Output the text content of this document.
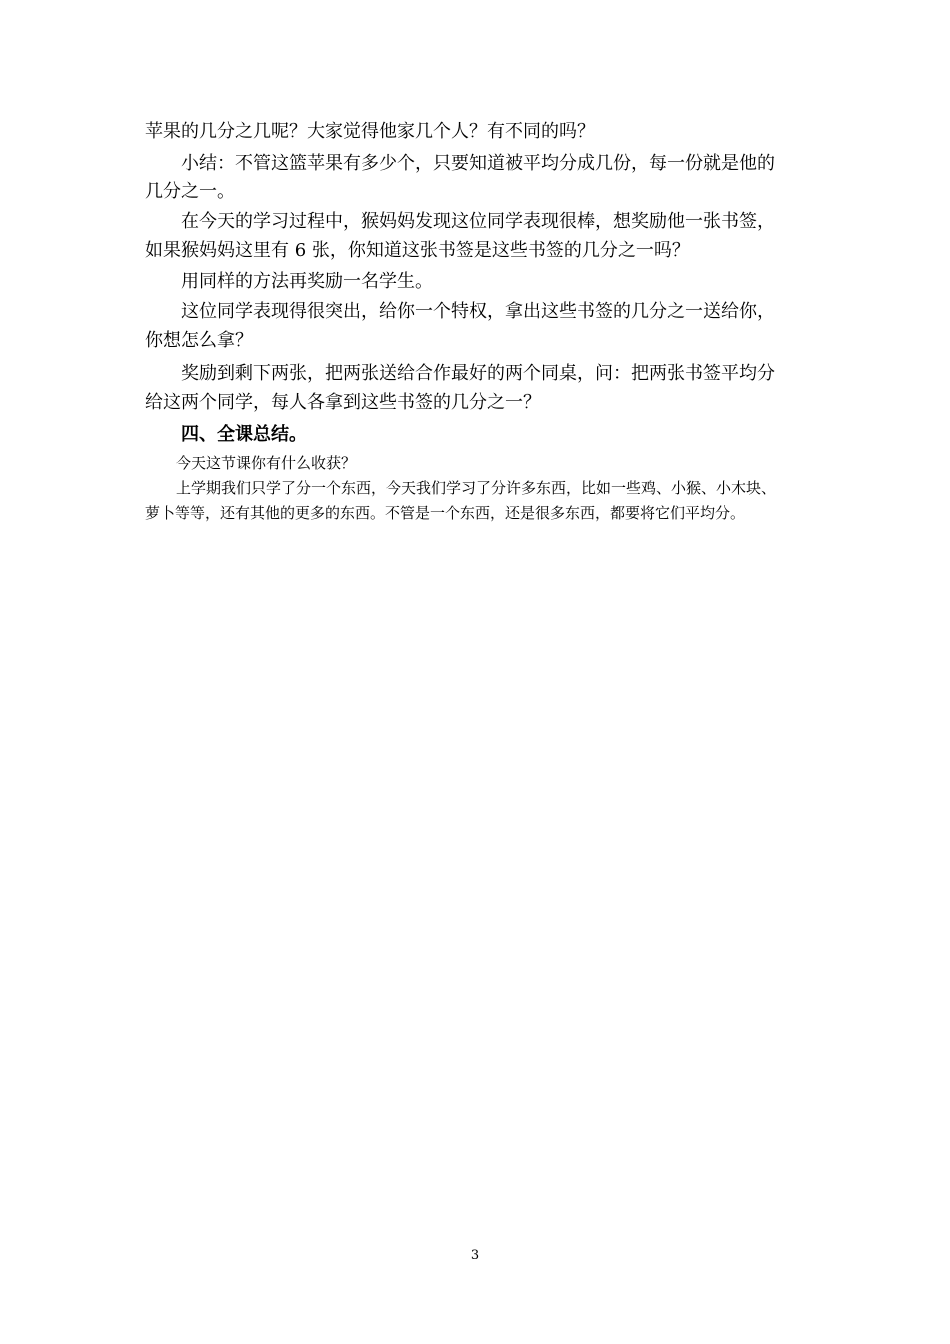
苹果的几分之几呢？大家觉得他家几个人？有不同的吗？
小结：不管这篮苹果有多少个，只要知道被平均分成几份，每一份就是他的
几分之一。
在今天的学习过程中，猴妈妈发现这位同学表现很棒，想奖励他一张书签，
如果猴妈妈这里有 6 张，你知道这张书签是这些书签的几分之一吗？
用同样的方法再奖励一名学生。
这位同学表现得很突出，给你一个特权，拿出这些书签的几分之一送给你，
你想怎么拿？
奖励到剩下两张，把两张送给合作最好的两个同桌，问：把两张书签平均分
给这两个同学，每人各拿到这些书签的几分之一？
四、全课总结。
今天这节课你有什么收获？
上学期我们只学了分一个东西，今天我们学习了分许多东西，比如一些鸡、小猴、小木块、
萝卜等等，还有其他的更多的东西。不管是一个东西，还是很多东西，都要将它们平均分。
3
